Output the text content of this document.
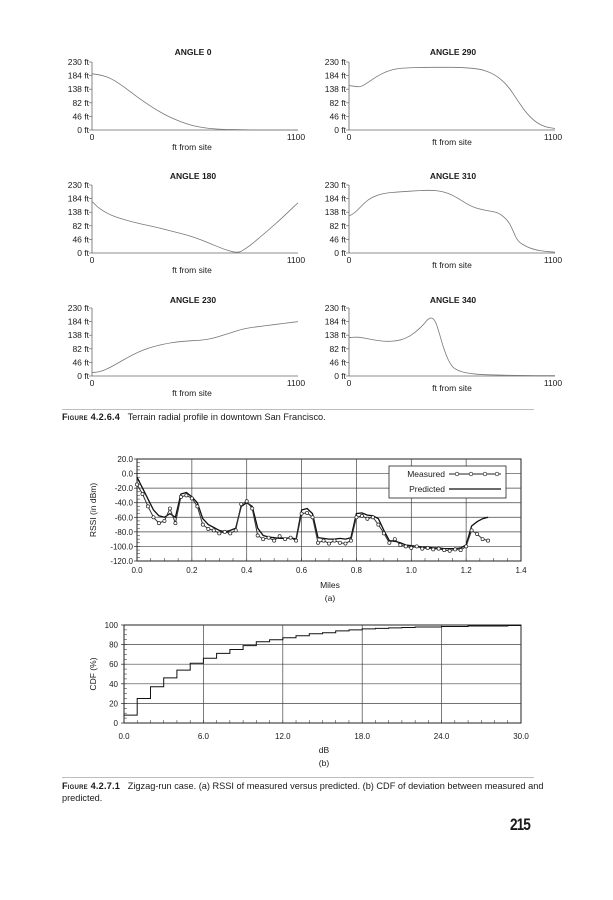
ANGLE 0
230 ft
184 ft
138 ft
82 ft
46 ft
0 ft
0	1100
ft from site
ANGLE 290
230 ft
184 ft
138 ft
82 ft
46 ft
0 ft
0	1100
ft from site
ANGLE 180
230 ft
184 ft
138 ft
82 ft
46 ft
0 ft
0	1100
ft from site
ANGLE 310
230 ft
184 ft
138 ft
82 ft
46 ft
0 ft
0	1100
ft from site
ANGLE 230
230 ft
184 ft
138 ft
82 ft
46 ft
0 ft
0	1100
ft from site
ANGLE 340
230 ft
184 ft
138 ft
82 ft
46 ft
0 ft
0	1100
ft from site
Figure 4.2.6.4 Terrain radial profile in downtown San Francisco.
20.0
0.0
-20.0
-40.0
-60.0
-80.0
-100.0
-120.0
0.0	0.2	0.4	0.6	0.8	1.0	1.2	1.4
RSSI (in dBm)
Measured
Predicted
Miles
(a)
0
20
40
60
80
100
0.0	6.0	12.0	18.0	24.0	30.0
CDF (%)
dB
(b)
Figure 4.2.7.1 Zigzag-run case. (a) RSSI of measured versus predicted. (b) CDF of deviation between measured and predicted.
215
